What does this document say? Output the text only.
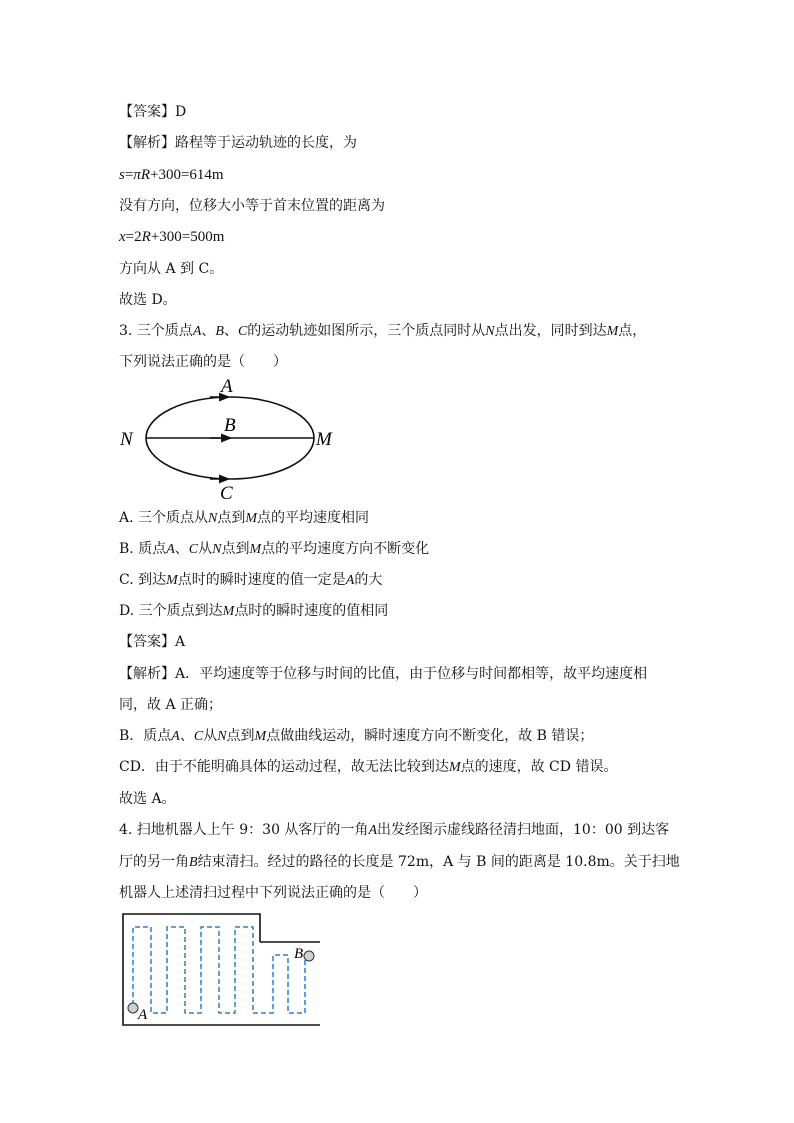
【答案】D
【解析】路程等于运动轨迹的长度，为
s=πR+300=614m
没有方向，位移大小等于首末位置的距离为
x=2R+300=500m
方向从 A 到 C。
故选 D。
3. 三个质点A、B、C的运动轨迹如图所示，三个质点同时从N点出发，同时到达M点，
下列说法正确的是（　　）
A
B
C
N	M
A. 三个质点从N点到M点的平均速度相同
B. 质点A、C从N点到M点的平均速度方向不断变化
C. 到达M点时的瞬时速度的值一定是A的大
D. 三个质点到达M点时的瞬时速度的值相同
【答案】A
【解析】A．平均速度等于位移与时间的比值，由于位移与时间都相等，故平均速度相
同，故 A 正确；
B．质点A、C从N点到M点做曲线运动，瞬时速度方向不断变化，故 B 错误；
CD．由于不能明确具体的运动过程，故无法比较到达M点的速度，故 CD 错误。
故选 A。
4. 扫地机器人上午 9：30 从客厅的一角A出发经图示虚线路径清扫地面，10：00 到达客
厅的另一角B结束清扫。经过的路径的长度是 72m，A 与 B 间的距离是 10.8m。关于扫地
机器人上述清扫过程中下列说法正确的是（　　）
A
B
